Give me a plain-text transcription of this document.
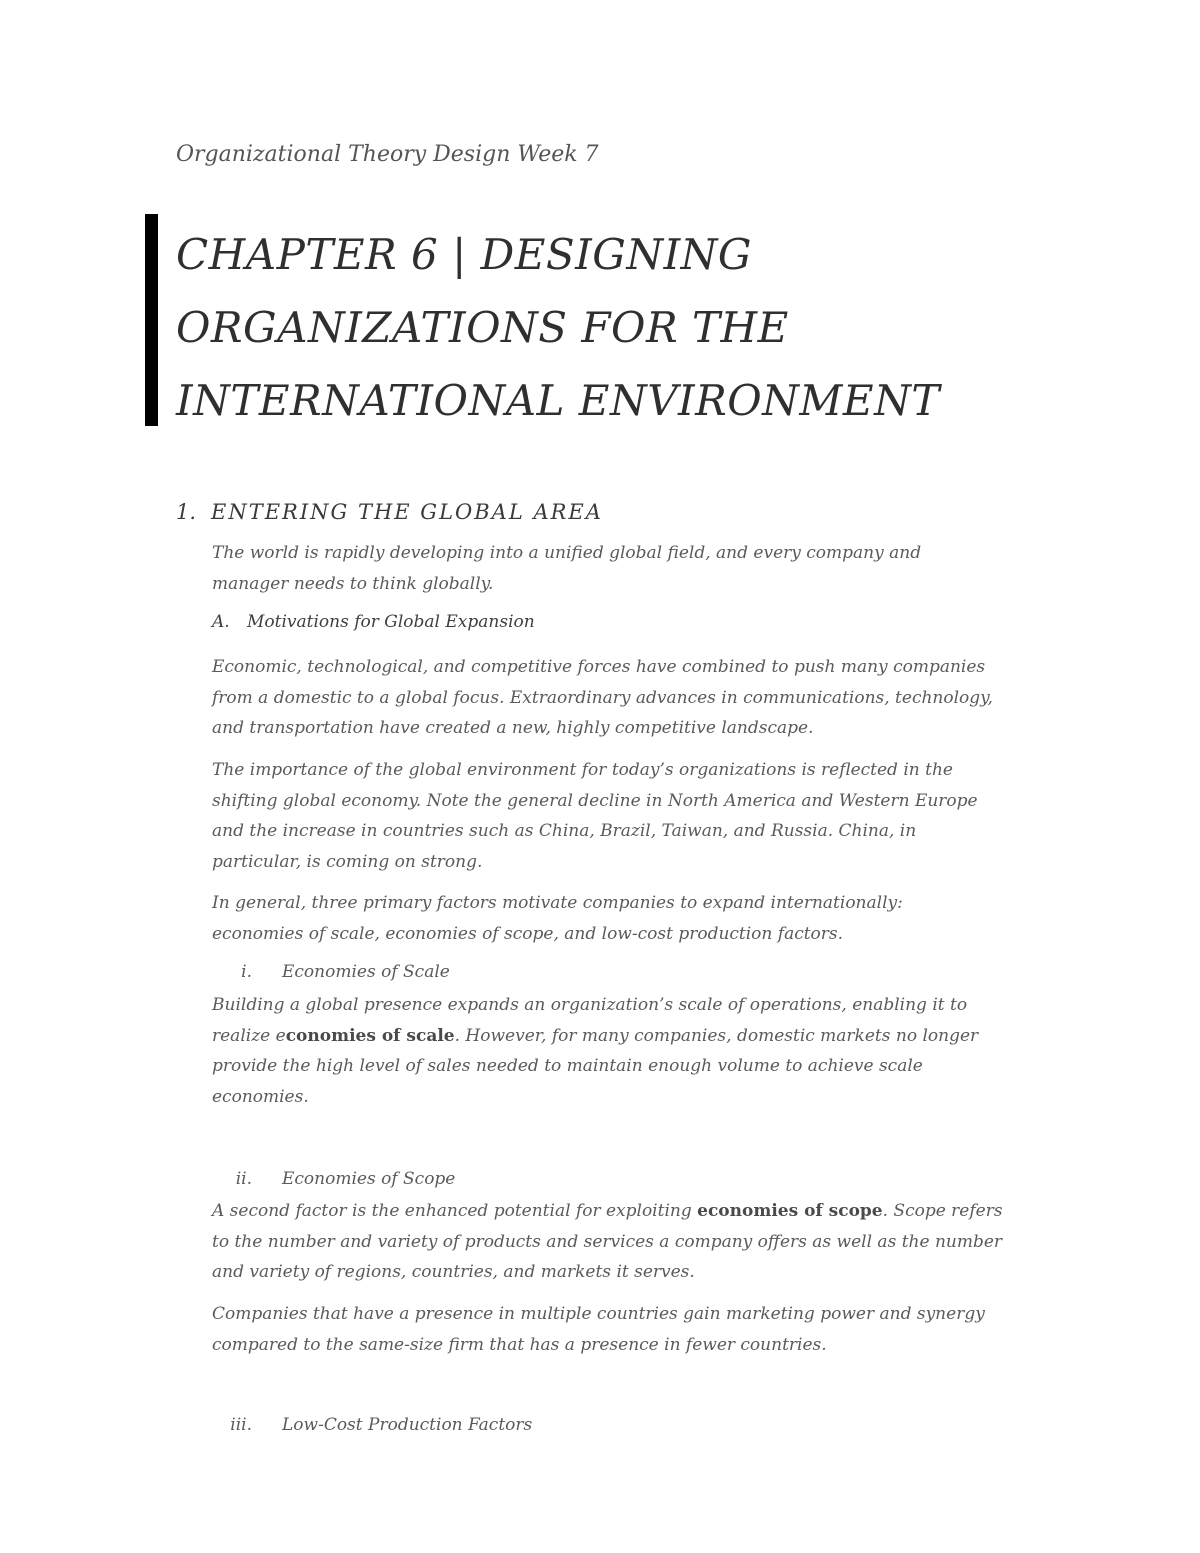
Organizational Theory Design Week 7
CHAPTER 6 | DESIGNING
ORGANIZATIONS FOR THE
INTERNATIONAL ENVIRONMENT
1. ENTERING THE GLOBAL AREA
The world is rapidly developing into a unified global field, and every company and
manager needs to think globally.
A. Motivations for Global Expansion
Economic, technological, and competitive forces have combined to push many companies
from a domestic to a global focus. Extraordinary advances in communications, technology,
and transportation have created a new, highly competitive landscape.
The importance of the global environment for today’s organizations is reflected in the
shifting global economy. Note the general decline in North America and Western Europe
and the increase in countries such as China, Brazil, Taiwan, and Russia. China, in
particular, is coming on strong.
In general, three primary factors motivate companies to expand internationally:
economies of scale, economies of scope, and low-cost production factors.
i. Economies of Scale
Building a global presence expands an organization’s scale of operations, enabling it to
realize economies of scale. However, for many companies, domestic markets no longer
provide the high level of sales needed to maintain enough volume to achieve scale
economies.
ii. Economies of Scope
A second factor is the enhanced potential for exploiting economies of scope. Scope refers
to the number and variety of products and services a company offers as well as the number
and variety of regions, countries, and markets it serves.
Companies that have a presence in multiple countries gain marketing power and synergy
compared to the same-size firm that has a presence in fewer countries.
iii. Low-Cost Production Factors
